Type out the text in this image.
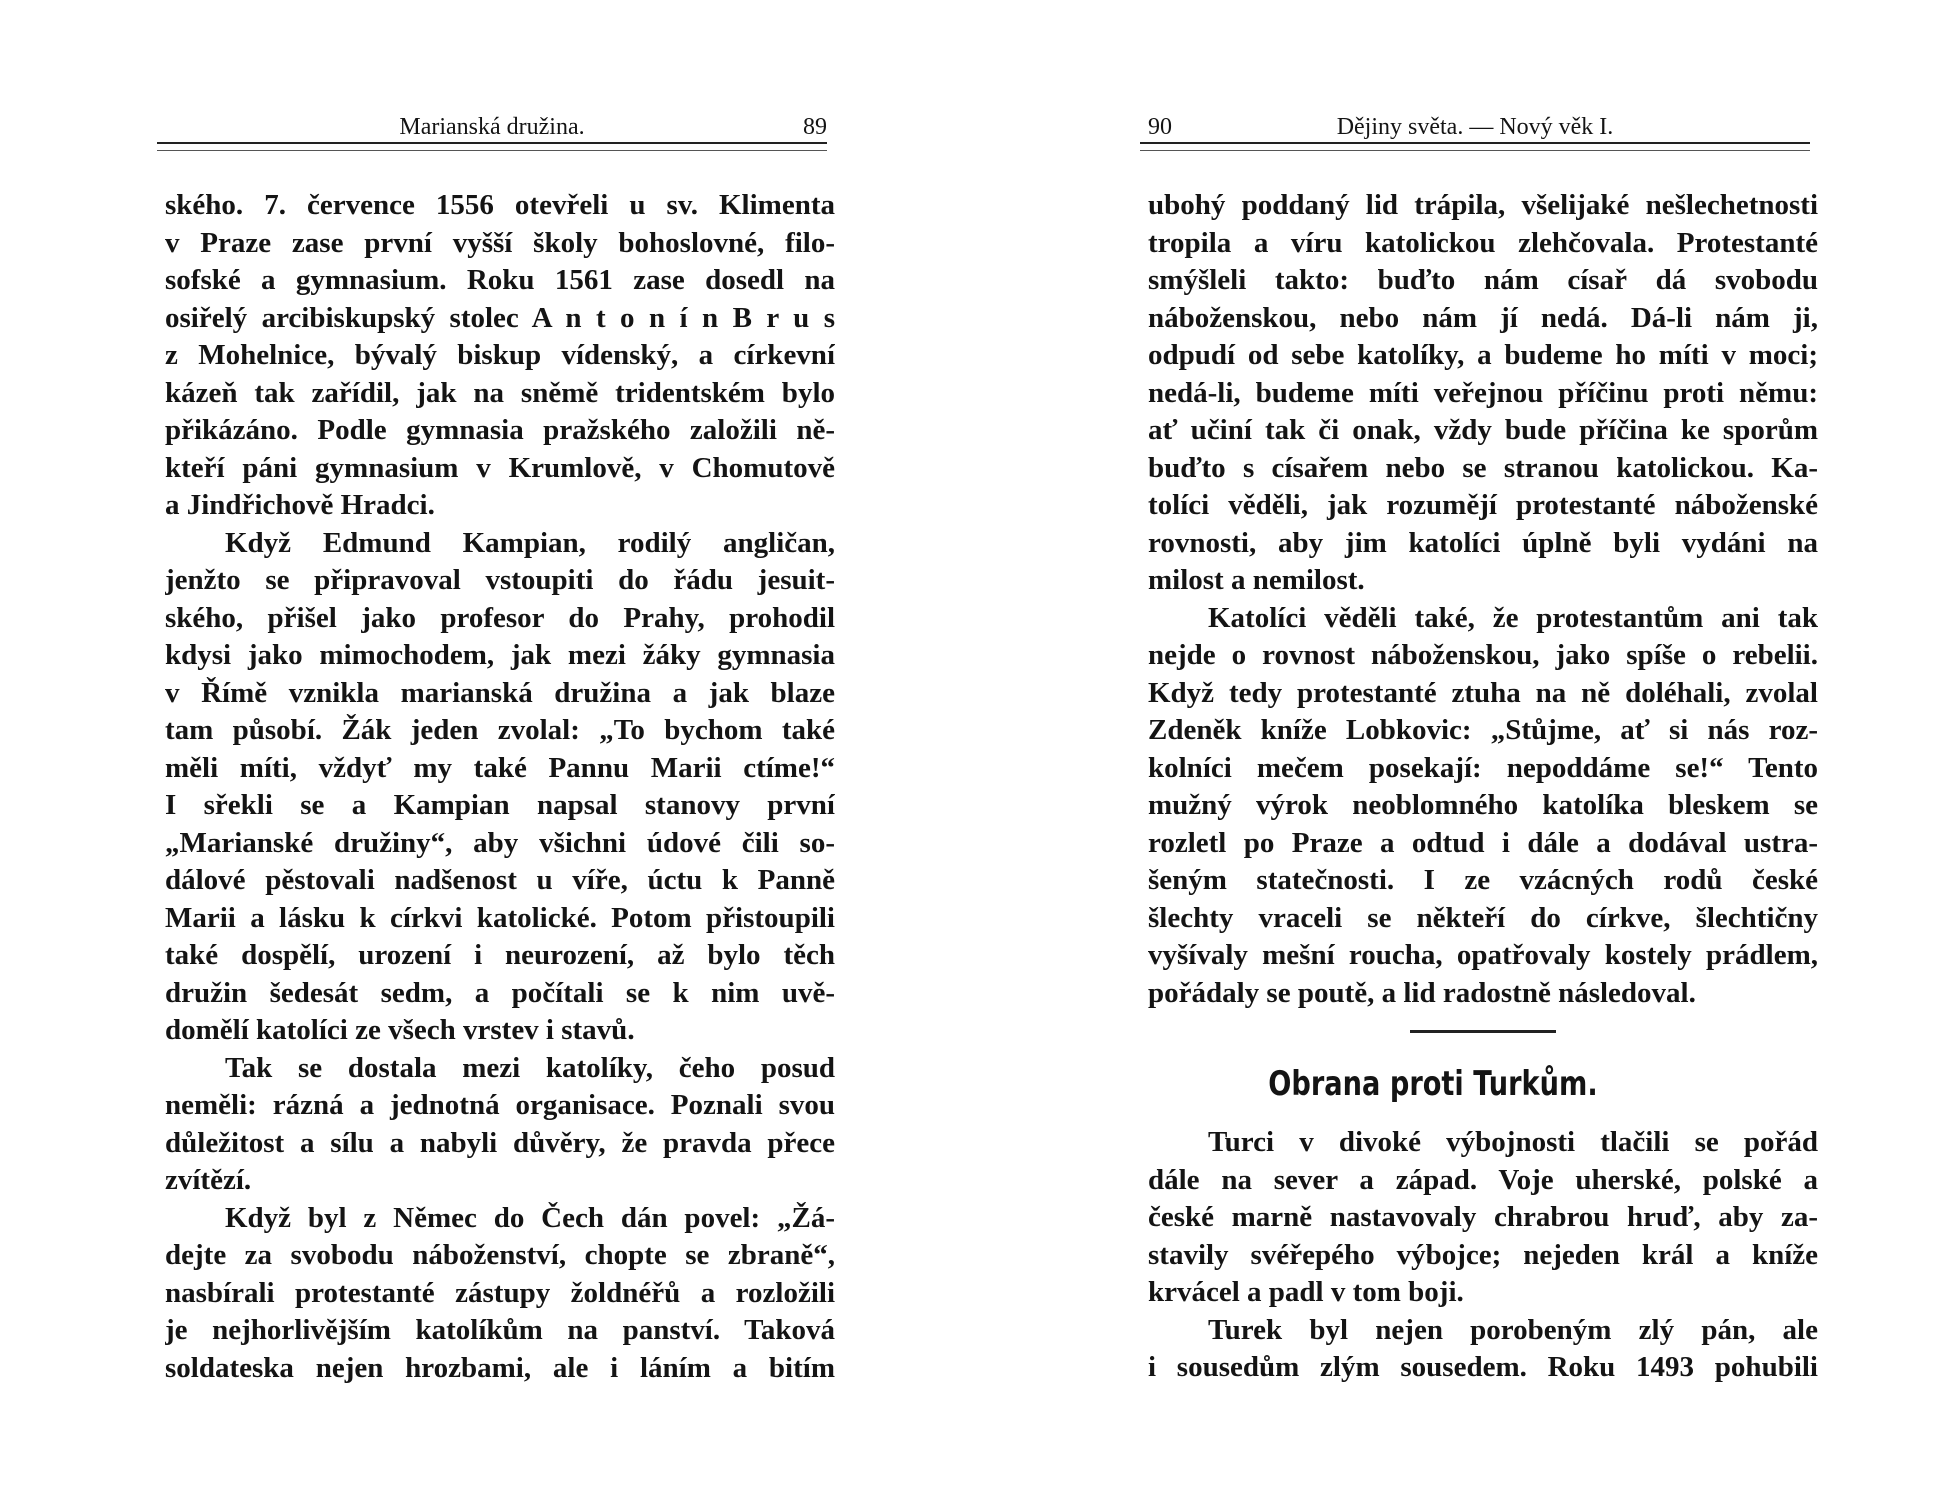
Marianská družina.	89
ského. 7. července 1556 otevřeli u sv. Klimenta
v Praze zase první vyšší školy bohoslovné, filo-
sofské a gymnasium. Roku 1561 zase dosedl na
osiřelý arcibiskupský stolec A n t o n í n B r u s
z Mohelnice, bývalý biskup vídenský, a církevní
kázeň tak zařídil, jak na sněmě tridentském bylo
přikázáno. Podle gymnasia pražského založili ně-
kteří páni gymnasium v Krumlově, v Chomutově
a Jindřichově Hradci.
Když Edmund Kampian, rodilý angličan,
jenžto se připravoval vstoupiti do řádu jesuit-
ského, přišel jako profesor do Prahy, prohodil
kdysi jako mimochodem, jak mezi žáky gymnasia
v Římě vznikla marianská družina a jak blaze
tam působí. Žák jeden zvolal: „To bychom také
měli míti, vždyť my také Pannu Marii ctíme!“
I sřekli se a Kampian napsal stanovy první
„Marianské družiny“, aby všichni údové čili so-
dálové pěstovali nadšenost u víře, úctu k Panně
Marii a lásku k církvi katolické. Potom přistoupili
také dospělí, urození i neurození, až bylo těch
družin šedesát sedm, a počítali se k nim uvě-
domělí katolíci ze všech vrstev i stavů.
Tak se dostala mezi katolíky, čeho posud
neměli: rázná a jednotná organisace. Poznali svou
důležitost a sílu a nabyli důvěry, že pravda přece
zvítězí.
Když byl z Němec do Čech dán povel: „Žá-
dejte za svobodu náboženství, chopte se zbraně“,
nasbírali protestanté zástupy žoldnéřů a rozložili
je nejhorlivějším katolíkům na panství. Taková
soldateska nejen hrozbami, ale i láním a bitím
Dějiny světa. — Nový věk I.
90
ubohý poddaný lid trápila, všelijaké nešlechetnosti
tropila a víru katolickou zlehčovala. Protestanté
smýšleli takto: buďto nám císař dá svobodu
náboženskou, nebo nám jí nedá. Dá-li nám ji,
odpudí od sebe katolíky, a budeme ho míti v moci;
nedá-li, budeme míti veřejnou příčinu proti němu:
ať učiní tak či onak, vždy bude příčina ke sporům
buďto s císařem nebo se stranou katolickou. Ka-
tolíci věděli, jak rozumějí protestanté náboženské
rovnosti, aby jim katolíci úplně byli vydáni na
milost a nemilost.
Katolíci věděli také, že protestantům ani tak
nejde o rovnost náboženskou, jako spíše o rebelii.
Když tedy protestanté ztuha na ně doléhali, zvolal
Zdeněk kníže Lobkovic: „Stůjme, ať si nás roz-
kolníci mečem posekají: nepoddáme se!“ Tento
mužný výrok neoblomného katolíka bleskem se
rozletl po Praze a odtud i dále a dodával ustra-
šeným statečnosti. I ze vzácných rodů české
šlechty vraceli se někteří do církve, šlechtičny
vyšívaly mešní roucha, opatřovaly kostely prádlem,
pořádaly se poutě, a lid radostně následoval.
Obrana proti Turkům.
Turci v divoké výbojnosti tlačili se pořád
dále na sever a západ. Voje uherské, polské a
české marně nastavovaly chrabrou hruď, aby za-
stavily svéřepého výbojce; nejeden král a kníže
krvácel a padl v tom boji.
Turek byl nejen porobeným zlý pán, ale
i sousedům zlým sousedem. Roku 1493 pohubili
